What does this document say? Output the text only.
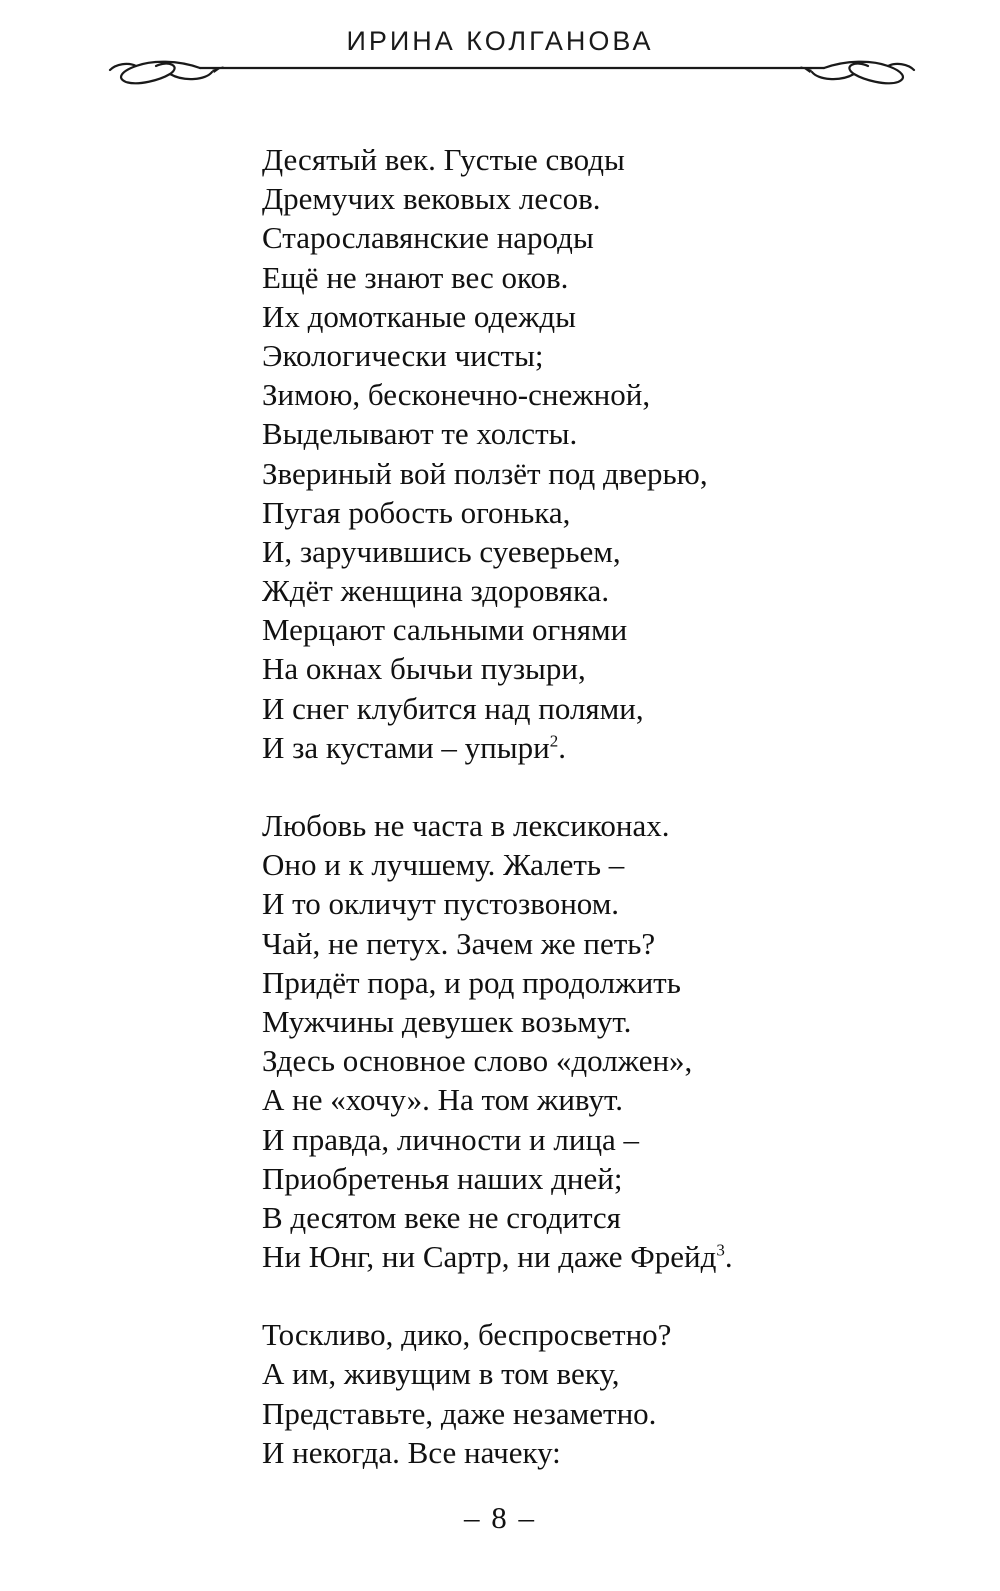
ИРИНА КОЛГАНОВА
Десятый век. Густые своды
Дремучих вековых лесов.
Старославянские народы
Ещё не знают вес оков.
Их домотканые одежды
Экологически чисты;
Зимою, бесконечно-снежной,
Выделывают те холсты.
Звериный вой ползёт под дверью,
Пугая робость огонька,
И, заручившись суеверьем,
Ждёт женщина здоровяка.
Мерцают сальными огнями
На окнах бычьи пузыри,
И снег клубится над полями,
И за кустами – упыри$^2$.
Любовь не часта в лексиконах.
Оно и к лучшему. Жалеть –
И то окличут пустозвоном.
Чай, не петух. Зачем же петь?
Придёт пора, и род продолжить
Мужчины девушек возьмут.
Здесь основное слово «должен»,
А не «хочу». На том живут.
И правда, личности и лица –
Приобретенья наших дней;
В десятом веке не сгодится
Ни Юнг, ни Сартр, ни даже Фрейд$^3$.
Тоскливо, дико, беспросветно?
А им, живущим в том веку,
Представьте, даже незаметно.
И некогда. Все начеку:
– 8 –
